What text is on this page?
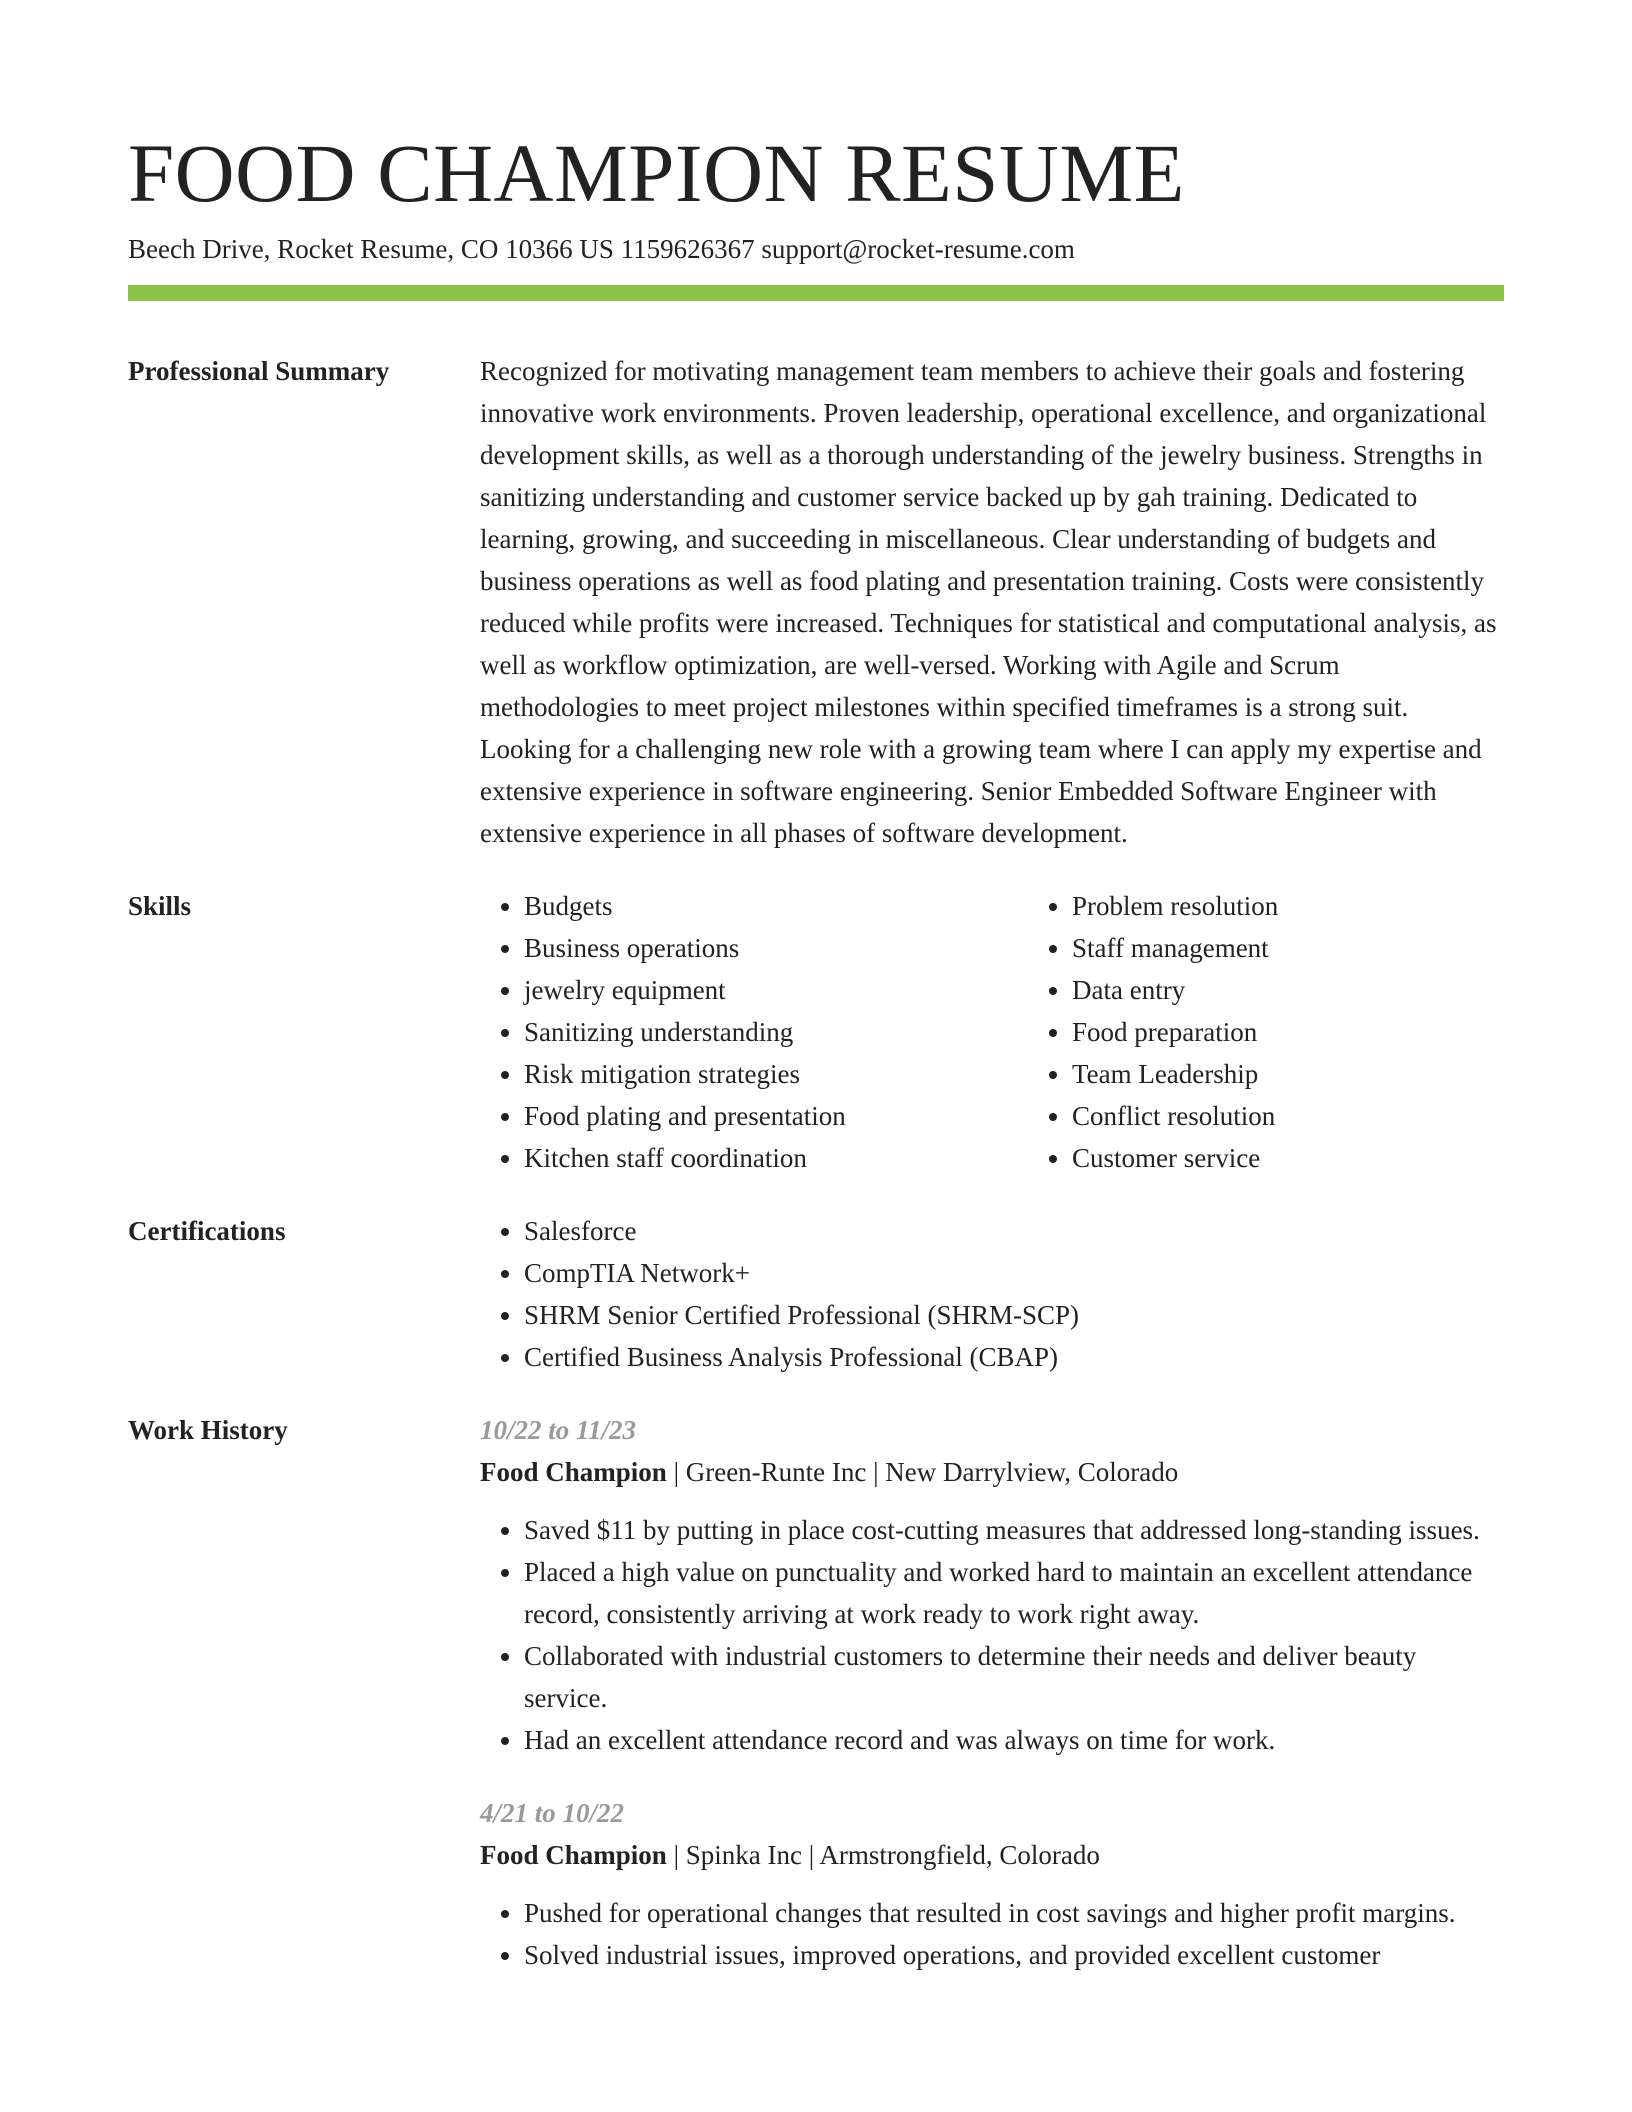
FOOD CHAMPION RESUME
Beech Drive, Rocket Resume, CO 10366 US 1159626367 support@rocket-resume.com
Professional Summary	Recognized for motivating management team members to achieve their goals and fostering innovative work environments. Proven leadership, operational excellence, and organizational development skills, as well as a thorough understanding of the jewelry business. Strengths in sanitizing understanding and customer service backed up by gah training. Dedicated to learning, growing, and succeeding in miscellaneous. Clear understanding of budgets and business operations as well as food plating and presentation training. Costs were consistently reduced while profits were increased. Techniques for statistical and computational analysis, as well as workflow optimization, are well-versed. Working with Agile and Scrum methodologies to meet project milestones within specified timeframes is a strong suit. Looking for a challenging new role with a growing team where I can apply my expertise and extensive experience in software engineering. Senior Embedded Software Engineer with extensive experience in all phases of software development.

Skills	• Budgets
• Business operations
• jewelry equipment
• Sanitizing understanding
• Risk mitigation strategies
• Food plating and presentation
• Kitchen staff coordination
• Problem resolution
• Staff management
• Data entry
• Food preparation
• Team Leadership
• Conflict resolution
• Customer service
Certifications	• Salesforce
• CompTIA Network+
• SHRM Senior Certified Professional (SHRM-SCP)
• Certified Business Analysis Professional (CBAP)
Work History	10/22 to 11/23
Food Champion | Green-Runte Inc | New Darrylview, Colorado
• Saved $11 by putting in place cost-cutting measures that addressed long-standing issues.
• Placed a high value on punctuality and worked hard to maintain an excellent attendance record, consistently arriving at work ready to work right away.
• Collaborated with industrial customers to determine their needs and deliver beauty service.
• Had an excellent attendance record and was always on time for work.
4/21 to 10/22
Food Champion | Spinka Inc | Armstrongfield, Colorado
• Pushed for operational changes that resulted in cost savings and higher profit margins.
• Solved industrial issues, improved operations, and provided excellent customer
